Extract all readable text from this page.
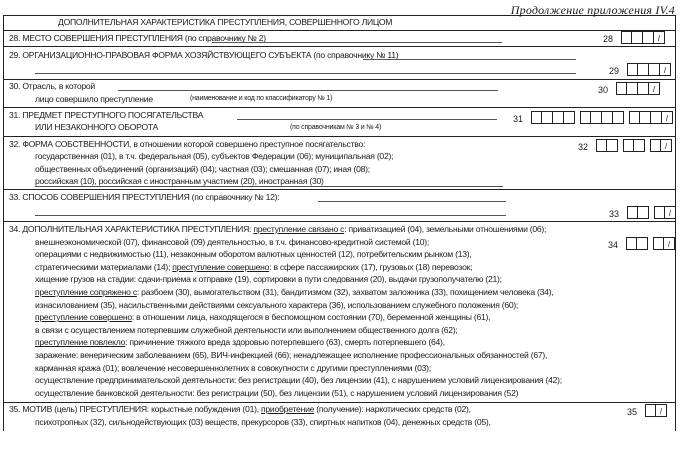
Продолжение приложения IV.4
ДОПОЛНИТЕЛЬНАЯ ХАРАКТЕРИСТИКА ПРЕСТУПЛЕНИЯ, СОВЕРШЕННОГО ЛИЦОМ
28. МЕСТО СОВЕРШЕНИЯ ПРЕСТУПЛЕНИЯ (по справочнику № 2)	28	/
29. ОРГАНИЗАЦИОННО-ПРАВОВАЯ ФОРМА ХОЗЯЙСТВУЮЩЕГО СУБЪЕКТА (по справочнику № 11)
29	/
30. Отрасль, в которой
лицо совершило преступление	(наименование и код по классификатору № 1)
30	/
31. ПРЕДМЕТ ПРЕСТУПНОГО ПОСЯГАТЕЛЬСТВА
ИЛИ НЕЗАКОННОГО ОБОРОТА	(по справочникам № 3 и № 4)
31	/
32. ФОРМА СОБСТВЕННОСТИ, в отношении которой совершено преступное посягательство:
государственная (01), в т.ч. федеральная (05), субъектов Федерации (06); муниципальная (02);
общественных объединений (организаций) (04); частная (03); смешанная (07); иная (08);
российская (10), российская с иностранным участием (20), иностранная (30)
32	/
33. СПОСОБ СОВЕРШЕНИЯ ПРЕСТУПЛЕНИЯ (по справочнику № 12):
33	/
34. ДОПОЛНИТЕЛЬНАЯ ХАРАКТЕРИСТИКА ПРЕСТУПЛЕНИЯ: преступление связано с: приватизацией (04), земельными отношениями (06);
внешнеэкономической (07), финансовой (09) деятельностью, в т.ч. финансово-кредитной системой (10);
операциями с недвижимостью (11), незаконным оборотом валютных ценностей (12), потребительским рынком (13),
стратегическими материалами (14); преступление совершено: в сфере пассажирских (17), грузовых (18) перевозок;
хищение грузов на стадии: сдачи-приема к отправке (19), сортировки в пути следования (20), выдачи грузополучателю (21);
преступление сопряжено с: разбоем (30), вымогательством (31), бандитизмом (32), захватом заложника (33), похищением человека (34),
изнасилованием (35), насильственными действиями сексуального характера (36), использованием служебного положения (60);
преступление совершено: в отношении лица, находящегося в беспомощном состоянии (70), беременной женщины (61),
в связи с осуществлением потерпевшим служебной деятельности или выполнением общественного долга (62);
преступление повлекло: причинение тяжкого вреда здоровью потерпевшего (63), смерть потерпевшего (64),
заражение: венерическим заболеванием (65), ВИЧ-инфекцией (66); ненадлежащее исполнение профессиональных обязанностей (67),
карманная кража (01); вовлечение несовершеннолетних в совокупности с другими преступлениями (03);
осуществление предпринимательской деятельности: без регистрации (40), без лицензии (41), с нарушением условий лицензирования (42);
осуществление банковской деятельности: без регистрации (50), без лицензии (51), с нарушением условий лицензирования (52)
34	/
35. МОТИВ (цель) ПРЕСТУПЛЕНИЯ: корыстные побуждения (01), приобретение (получение): наркотических средств (02),
психотропных (32), сильнодействующих (03) веществ, прекурсоров (33), спиртных напитков (04), денежных средств (05),
35	/
